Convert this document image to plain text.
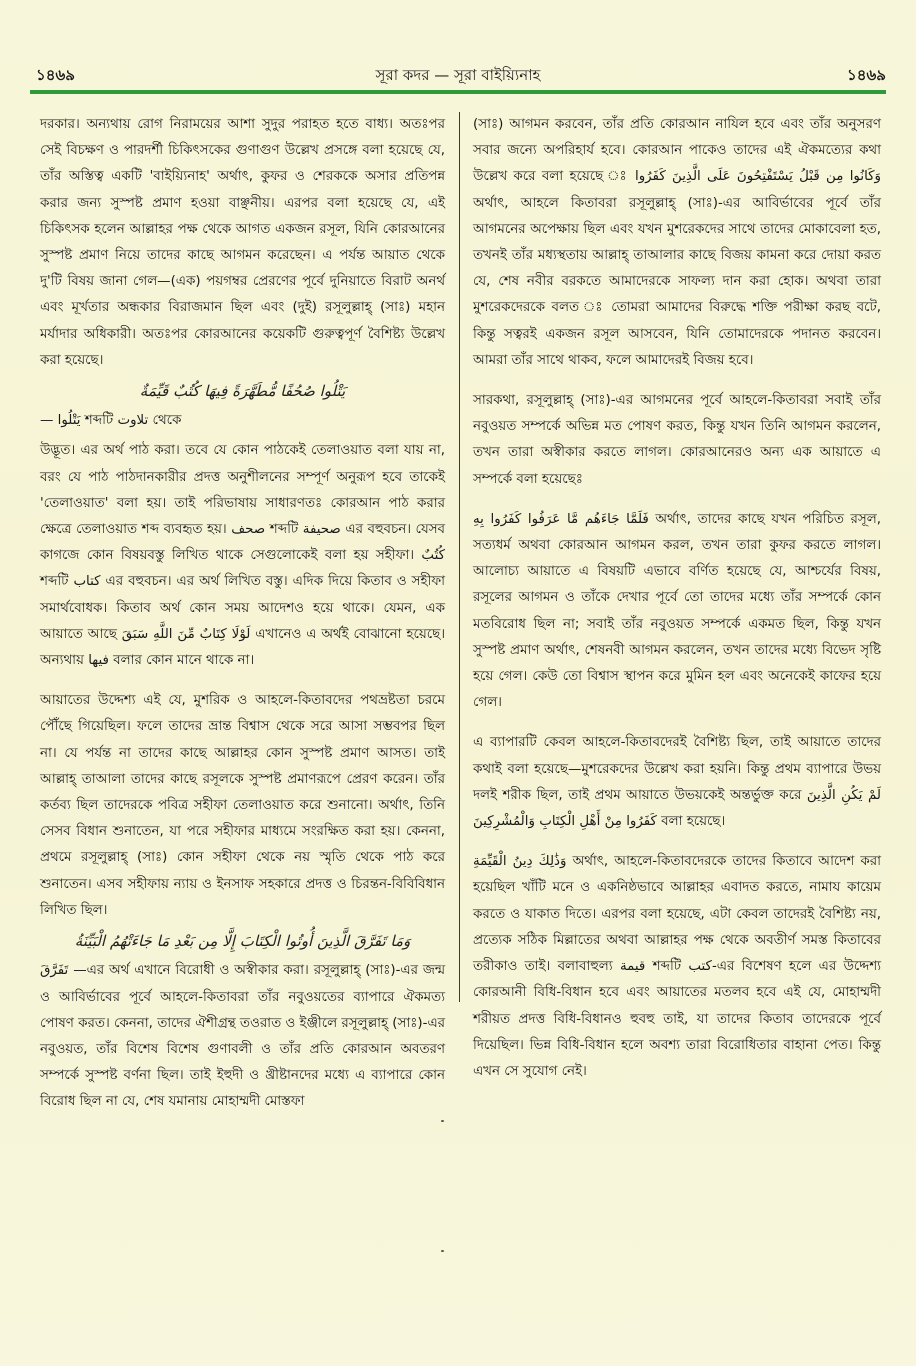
১৪৬৯	সূরা কদর — সূরা বাইয়্যিনাহ	১৪৬৯

দরকার। অন্যথায় রোগ নিরাময়ের আশা সুদুর পরাহত হতে বাধ্য। অতঃপর সেই বিচক্ষণ ও পারদর্শী চিকিৎসকের গুণাগুণ উল্লেখ প্রসঙ্গে বলা হয়েছে যে, তাঁর অস্তিত্ব একটি 'বাইয়্যিনাহ' অর্থাৎ, কুফর ও শেরককে অসার প্রতিপন্ন করার জন্য সুস্পষ্ট প্রমাণ হওয়া বাঞ্ছনীয়। এরপর বলা হয়েছে যে, এই চিকিৎসক হলেন আল্লাহর পক্ষ থেকে আগত একজন রসূল, যিনি কোরআনের সুস্পষ্ট প্রমাণ নিয়ে তাদের কাছে আগমন করেছেন। এ পর্যন্ত আয়াত থেকে দু'টি বিষয় জানা গেল—(এক) পয়গম্বর প্রেরণের পূর্বে দুনিয়াতে বিরাট অনর্থ এবং মূর্খতার অন্ধকার বিরাজমান ছিল এবং (দুই) রসূলুল্লাহ্ (সাঃ) মহান মর্যাদার অধিকারী। অতঃপর কোরআনের কয়েকটি গুরুত্বপূর্ণ বৈশিষ্ট্য উল্লেখ করা হয়েছে।

يَتْلُوا صُحُفًا مُّطَهَّرَةً فِيهَا كُتُبٌ قَيِّمَةٌ

— يَتْلُوا শব্দটি تلاوت থেকে

উদ্ভূত। এর অর্থ পাঠ করা। তবে যে কোন পাঠকেই তেলাওয়াত বলা যায় না, বরং যে পাঠ পাঠদানকারীর প্রদত্ত অনুশীলনের সম্পূর্ণ অনুরূপ হবে তাকেই 'তেলাওয়াত' বলা হয়। তাই পরিভাষায় সাধারণতঃ কোরআন পাঠ করার ক্ষেত্রে তেলাওয়াত শব্দ ব্যবহৃত হয়। صحف শব্দটি صحيفة এর বহুবচন। যেসব কাগজে কোন বিষয়বস্তু লিখিত থাকে সেগুলোকেই বলা হয় সহীফা। كُتُبٌ শব্দটি كتاب এর বহুবচন। এর অর্থ লিখিত বস্তু। এদিক দিয়ে কিতাব ও সহীফা সমার্থবোধক। কিতাব অর্থ কোন সময় আদেশও হয়ে থাকে। যেমন, এক আয়াতে আছে لَوْلَا كِتَابٌ مِّنَ اللَّهِ سَبَقَ এখানেও এ অর্থই বোঝানো হয়েছে। অন্যথায় فيها বলার কোন মানে থাকে না।

আয়াতের উদ্দেশ্য এই যে, মুশরিক ও আহলে-কিতাবদের পথভ্রষ্টতা চরমে পৌঁছে গিয়েছিল। ফলে তাদের ভ্রান্ত বিশ্বাস থেকে সরে আসা সম্ভবপর ছিল না। যে পর্যন্ত না তাদের কাছে আল্লাহর কোন সুস্পষ্ট প্রমাণ আসত। তাই আল্লাহ্ তাআলা তাদের কাছে রসূলকে সুস্পষ্ট প্রমাণরূপে প্রেরণ করেন। তাঁর কর্তব্য ছিল তাদেরকে পবিত্র সহীফা তেলাওয়াত করে শুনানো। অর্থাৎ, তিনি সেসব বিধান শুনাতেন, যা পরে সহীফার মাধ্যমে সংরক্ষিত করা হয়। কেননা, প্রথমে রসূলুল্লাহ্ (সাঃ) কোন সহীফা থেকে নয় স্মৃতি থেকে পাঠ করে শুনাতেন। এসব সহীফায় ন্যায় ও ইনসাফ সহকারে প্রদত্ত ও চিরন্তন-বিবিবিধান লিখিত ছিল।

وَمَا تَفَرَّقَ الَّذِينَ أُوتُوا الْكِتَابَ إِلَّا مِن بَعْدِ مَا جَاءَتْهُمُ الْبَيِّنَةُ

تَفَرَّقَ —এর অর্থ এখানে বিরোধী ও অস্বীকার করা। রসূলুল্লাহ্ (সাঃ)-এর জন্ম ও আবির্ভাবের পূর্বে আহলে-কিতাবরা তাঁর নবুওয়তের ব্যাপারে ঐকমত্য পোষণ করত। কেননা, তাদের ঐশীগ্রন্থ তওরাত ও ইঞ্জীলে রসূলুল্লাহ্ (সাঃ)-এর নবুওয়ত, তাঁর বিশেষ বিশেষ গুণাবলী ও তাঁর প্রতি কোরআন অবতরণ সম্পর্কে সুস্পষ্ট বর্ণনা ছিল। তাই ইহুদী ও খ্রীষ্টানদের মধ্যে এ ব্যাপারে কোন বিরোধ ছিল না যে, শেষ যমানায় মোহাম্মদী মোস্তফা

(সাঃ) আগমন করবেন, তাঁর প্রতি কোরআন নাযিল হবে এবং তাঁর অনুসরণ সবার জন্যে অপরিহার্য হবে। কোরআন পাকেও তাদের এই ঐকমত্যের কথা উল্লেখ করে বলা হয়েছে ঃ وَكَانُوا مِن قَبْلُ يَسْتَفْتِحُونَ عَلَى الَّذِينَ كَفَرُوا অর্থাৎ, আহলে কিতাবরা রসূলুল্লাহ্ (সাঃ)-এর আবির্ভাবের পূর্বে তাঁর আগমনের অপেক্ষায় ছিল এবং যখন মুশরেকদের সাথে তাদের মোকাবেলা হত, তখনই তাঁর মধ্যস্থতায় আল্লাহ্ তাআলার কাছে বিজয় কামনা করে দোয়া করত যে, শেষ নবীর বরকতে আমাদেরকে সাফল্য দান করা হোক। অথবা তারা মুশরেকদেরকে বলত ঃ তোমরা আমাদের বিরুদ্ধে শক্তি পরীক্ষা করছ বটে, কিন্তু সত্বরই একজন রসূল আসবেন, যিনি তোমাদেরকে পদানত করবেন। আমরা তাঁর সাথে থাকব, ফলে আমাদেরই বিজয় হবে।

সারকথা, রসূলুল্লাহ্ (সাঃ)-এর আগমনের পূর্বে আহলে-কিতাবরা সবাই তাঁর নবুওয়ত সম্পর্কে অভিন্ন মত পোষণ করত, কিন্তু যখন তিনি আগমন করলেন, তখন তারা অস্বীকার করতে লাগল। কোরআনেরও অন্য এক আয়াতে এ সম্পর্কে বলা হয়েছেঃ

فَلَمَّا جَاءَهُم مَّا عَرَفُوا كَفَرُوا بِهِ অর্থাৎ, তাদের কাছে যখন পরিচিত রসূল, সত্যধর্ম অথবা কোরআন আগমন করল, তখন তারা কুফর করতে লাগল। আলোচ্য আয়াতে এ বিষয়টি এভাবে বর্ণিত হয়েছে যে, আশ্চর্যের বিষয়, রসূলের আগমন ও তাঁকে দেখার পূর্বে তো তাদের মধ্যে তাঁর সম্পর্কে কোন মতবিরোধ ছিল না; সবাই তাঁর নবুওয়ত সম্পর্কে একমত ছিল, কিন্তু যখন সুস্পষ্ট প্রমাণ অর্থাৎ, শেষনবী আগমন করলেন, তখন তাদের মধ্যে বিভেদ সৃষ্টি হয়ে গেল। কেউ তো বিশ্বাস স্থাপন করে মুমিন হল এবং অনেকেই কাফের হয়ে গেল।

এ ব্যাপারটি কেবল আহলে-কিতাবদেরই বৈশিষ্ট্য ছিল, তাই আয়াতে তাদের কথাই বলা হয়েছে—মুশরেকদের উল্লেখ করা হয়নি। কিন্তু প্রথম ব্যাপারে উভয় দলই শরীক ছিল, তাই প্রথম আয়াতে উভয়কেই অন্তর্ভুক্ত করে لَمْ يَكُنِ الَّذِينَ كَفَرُوا مِنْ أَهْلِ الْكِتَابِ وَالْمُشْرِكِينَ বলা হয়েছে।

وَذَٰلِكَ دِينُ الْقَيِّمَةِ অর্থাৎ, আহলে-কিতাবদেরকে তাদের কিতাবে আদেশ করা হয়েছিল খাঁটি মনে ও একনিষ্ঠভাবে আল্লাহর এবাদত করতে, নামায কায়েম করতে ও যাকাত দিতে। এরপর বলা হয়েছে, এটা কেবল তাদেরই বৈশিষ্ট্য নয়, প্রত্যেক সঠিক মিল্লাতের অথবা আল্লাহর পক্ষ থেকে অবতীর্ণ সমস্ত কিতাবের তরীকাও তাই। বলাবাহুল্য قيمة শব্দটি كتب-এর বিশেষণ হলে এর উদ্দেশ্য কোরআনী বিধি-বিধান হবে এবং আয়াতের মতলব হবে এই যে, মোহাম্মদী শরীয়ত প্রদত্ত বিধি-বিধানও হুবহু তাই, যা তাদের কিতাব তাদেরকে পূর্বে দিয়েছিল। ভিন্ন বিধি-বিধান হলে অবশ্য তারা বিরোধিতার বাহানা পেত। কিন্তু এখন সে সুযোগ নেই।
